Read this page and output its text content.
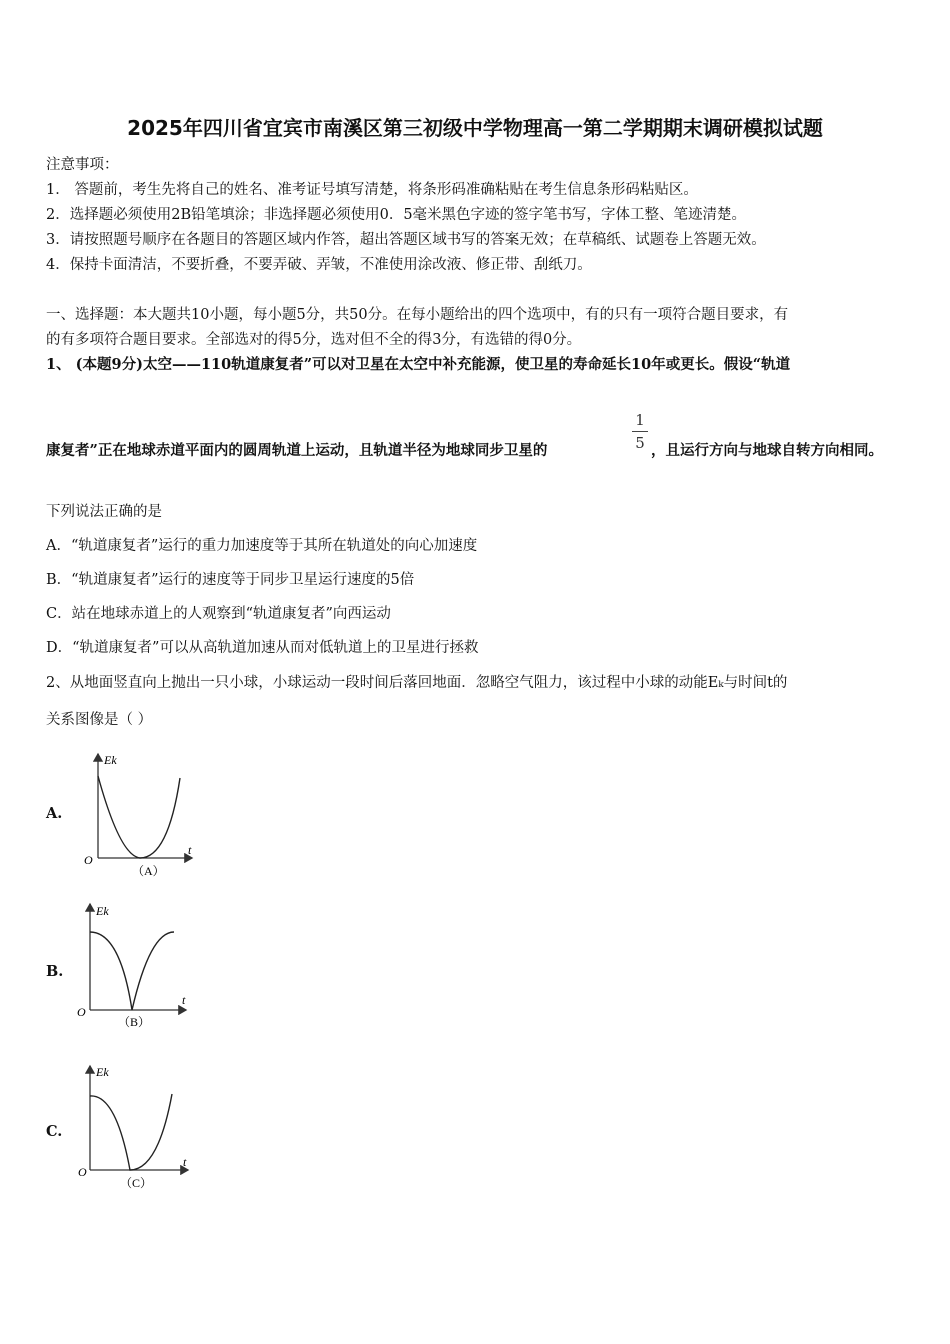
2025年四川省宜宾市南溪区第三初级中学物理高一第二学期期末调研模拟试题
注意事项：
1． 答题前，考生先将自己的姓名、准考证号填写清楚，将条形码准确粘贴在考生信息条形码粘贴区。
2．选择题必须使用2B铅笔填涂；非选择题必须使用0．5毫米黑色字迹的签字笔书写，字体工整、笔迹清楚。
3．请按照题号顺序在各题目的答题区域内作答，超出答题区域书写的答案无效；在草稿纸、试题卷上答题无效。
4．保持卡面清洁，不要折叠，不要弄破、弄皱，不准使用涂改液、修正带、刮纸刀。
一、选择题：本大题共10小题，每小题5分，共50分。在每小题给出的四个选项中，有的只有一项符合题目要求，有
的有多项符合题目要求。全部选对的得5分，选对但不全的得3分，有选错的得0分。
1、 (本题9分)太空——110轨道康复者”可以对卫星在太空中补充能源，使卫星的寿命延长10年或更长。假设“轨道
康复者”正在地球赤道平面内的圆周轨道上运动，且轨道半径为地球同步卫星的
1
5 ，且运行方向与地球自转方向相同。
下列说法正确的是
A．“轨道康复者”运行的重力加速度等于其所在轨道处的向心加速度
B．“轨道康复者”运行的速度等于同步卫星运行速度的5倍
C．站在地球赤道上的人观察到“轨道康复者”向西运动
D．“轨道康复者”可以从高轨道加速从而对低轨道上的卫星进行拯救
2、从地面竖直向上抛出一只小球，小球运动一段时间后落回地面．忽略空气阻力，该过程中小球的动能Eₖ与时间t的
关系图像是（ ）
A.
Ek
t
O
（A）
B.
Ek
t
O
（B）
C.
Ek
t
O
（C）
